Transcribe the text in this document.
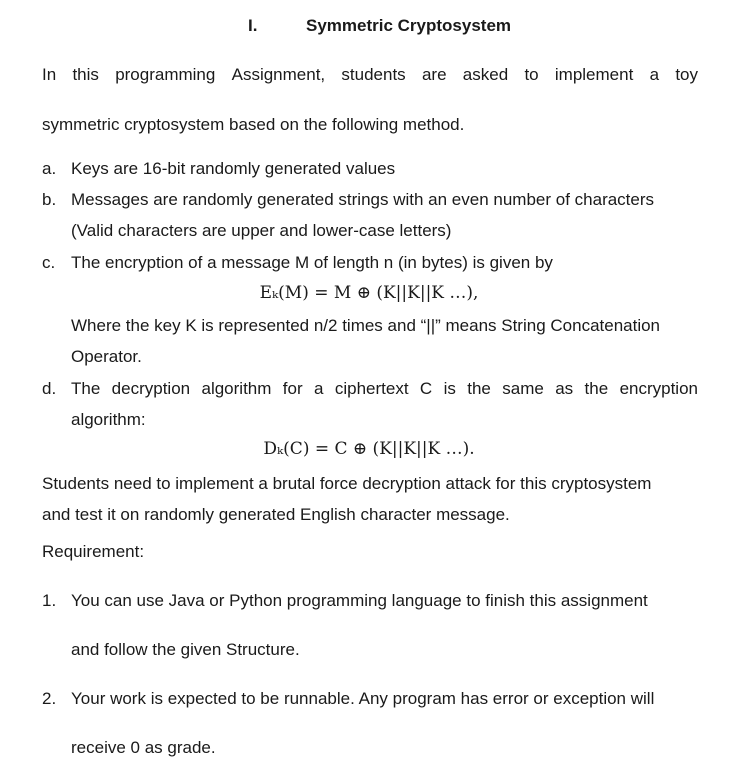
I.	Symmetric Cryptosystem
In this programming Assignment, students are asked to implement a toy
symmetric cryptosystem based on the following method.
a. Keys are 16-bit randomly generated values
b. Messages are randomly generated strings with an even number of characters
(Valid characters are upper and lower-case letters)
c. The encryption of a message M of length n (in bytes) is given by
Eₖ(M) = M ⊕ (K||K||K …),
Where the key K is represented n/2 times and “||” means String Concatenation
Operator.
d. The decryption algorithm for a ciphertext C is the same as the encryption
algorithm:
Dₖ(C) = C ⊕ (K||K||K …).
Students need to implement a brutal force decryption attack for this cryptosystem
and test it on randomly generated English character message.
Requirement:
1. You can use Java or Python programming language to finish this assignment
and follow the given Structure.
2. Your work is expected to be runnable. Any program has error or exception will
receive 0 as grade.
